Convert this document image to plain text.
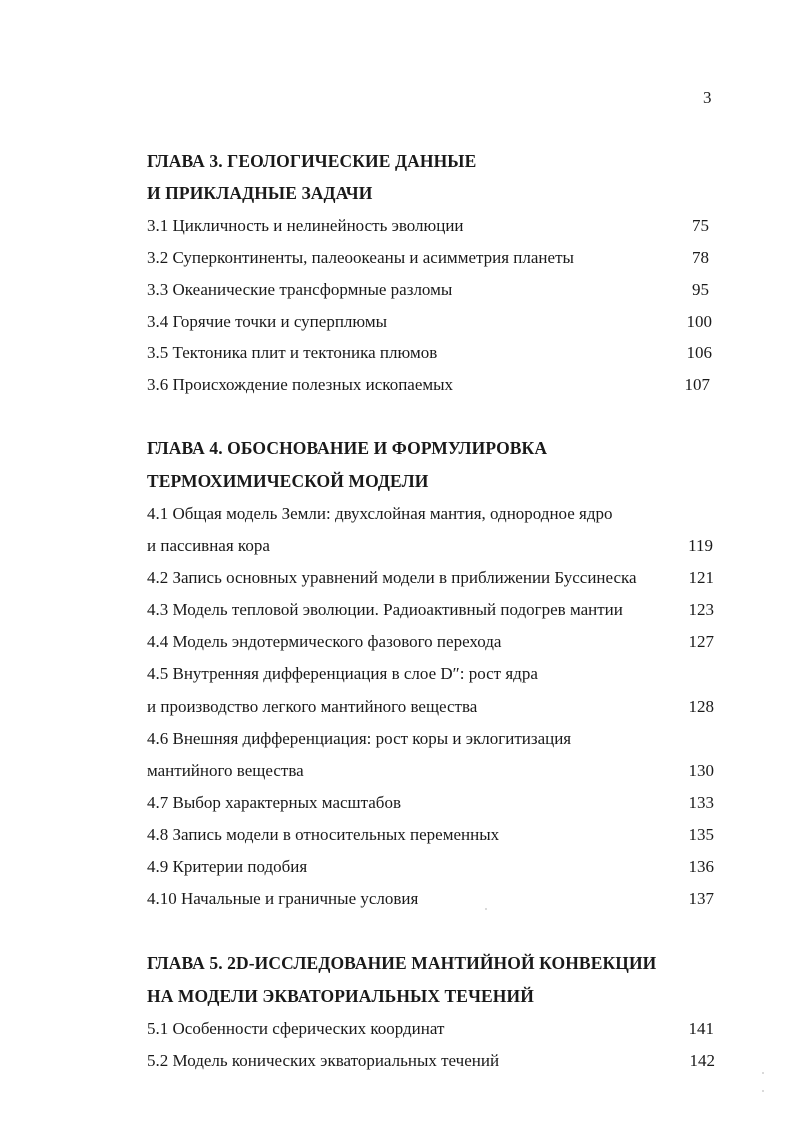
3
ГЛАВА 3. ГЕОЛОГИЧЕСКИЕ ДАННЫЕ
И ПРИКЛАДНЫЕ ЗАДАЧИ
3.1 Цикличность и нелинейность эволюции	75
3.2 Суперконтиненты, палеоокеаны и асимметрия планеты	78
3.3 Океанические трансформные разломы	95
3.4 Горячие точки и суперплюмы	100
3.5 Тектоника плит и тектоника плюмов	106
3.6 Происхождение полезных ископаемых	107
ГЛАВА 4. ОБОСНОВАНИЕ И ФОРМУЛИРОВКА
ТЕРМОХИМИЧЕСКОЙ МОДЕЛИ
4.1 Общая модель Земли: двухслойная мантия, однородное ядро
и пассивная кора	119
4.2 Запись основных уравнений модели в приближении Буссинеска	121
4.3 Модель тепловой эволюции. Радиоактивный подогрев мантии	123
4.4 Модель эндотермического фазового перехода	127
4.5 Внутренняя дифференциация в слое D″: рост ядра
и производство легкого мантийного вещества	128
4.6 Внешняя дифференциация: рост коры и эклогитизация
мантийного вещества	130
4.7 Выбор характерных масштабов	133
4.8 Запись модели в относительных переменных	135
4.9 Критерии подобия	136
4.10 Начальные и граничные условия	137
ГЛАВА 5. 2D-ИССЛЕДОВАНИЕ МАНТИЙНОЙ КОНВЕКЦИИ
НА МОДЕЛИ ЭКВАТОРИАЛЬНЫХ ТЕЧЕНИЙ
5.1 Особенности сферических координат	141
5.2 Модель конических экваториальных течений	142
